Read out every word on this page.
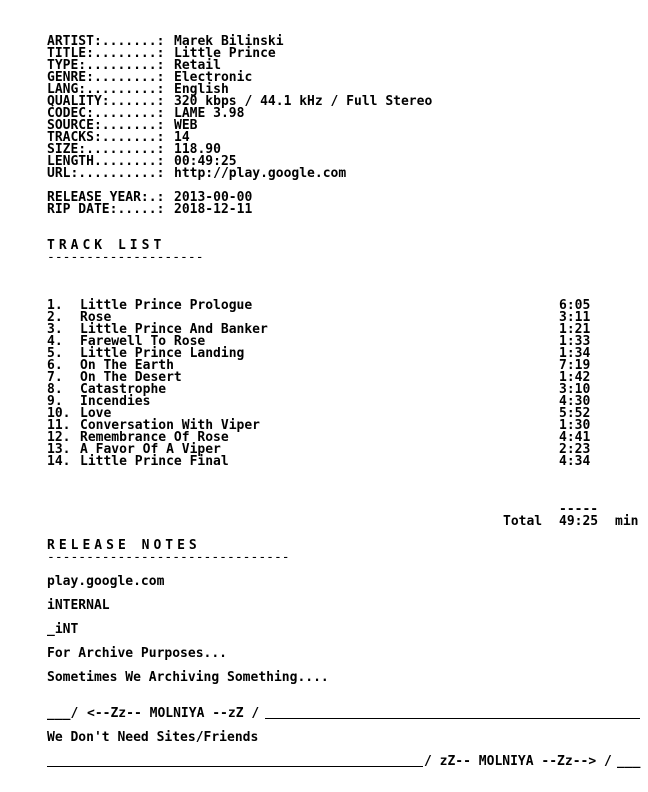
ARTIST:.......: Marek Bilinski
TITLE:........: Little Prince
TYPE:.........: Retail
GENRE:........: Electronic
LANG:.........: English
QUALITY:......: 320 kbps / 44.1 kHz / Full Stereo
CODEC:........: LAME 3.98
SOURCE:.......: WEB
TRACKS:.......: 14
SIZE:.........: 118.90
LENGTH........: 00:49:25
URL:..........: http://play.google.com
RELEASE YEAR:.: 2013-00-00
RIP DATE:.....: 2018-12-11
TRACK LIST
--------------------
1. Little Prince Prologue	6:05
2. Rose	3:11
3. Little Prince And Banker	1:21
4. Farewell To Rose	1:33
5. Little Prince Landing	1:34
6. On The Earth	7:19
7. On The Desert	1:42
8. Catastrophe	3:10
9. Incendies	4:30
10. Love	5:52
11. Conversation With Viper	1:30
12. Remembrance Of Rose	4:41
13. A Favor Of A Viper	2:23
14. Little Prince Final	4:34
-----
Total 49:25 min
RELEASE NOTES
-------------------------------
play.google.com
iNTERNAL
_iNT
For Archive Purposes...
Sometimes We Archiving Something....
___/ <--Zz-- MOLNIYA --zZ /
We Don't Need Sites/Friends
/ zZ-- MOLNIYA --Zz--> / ___
